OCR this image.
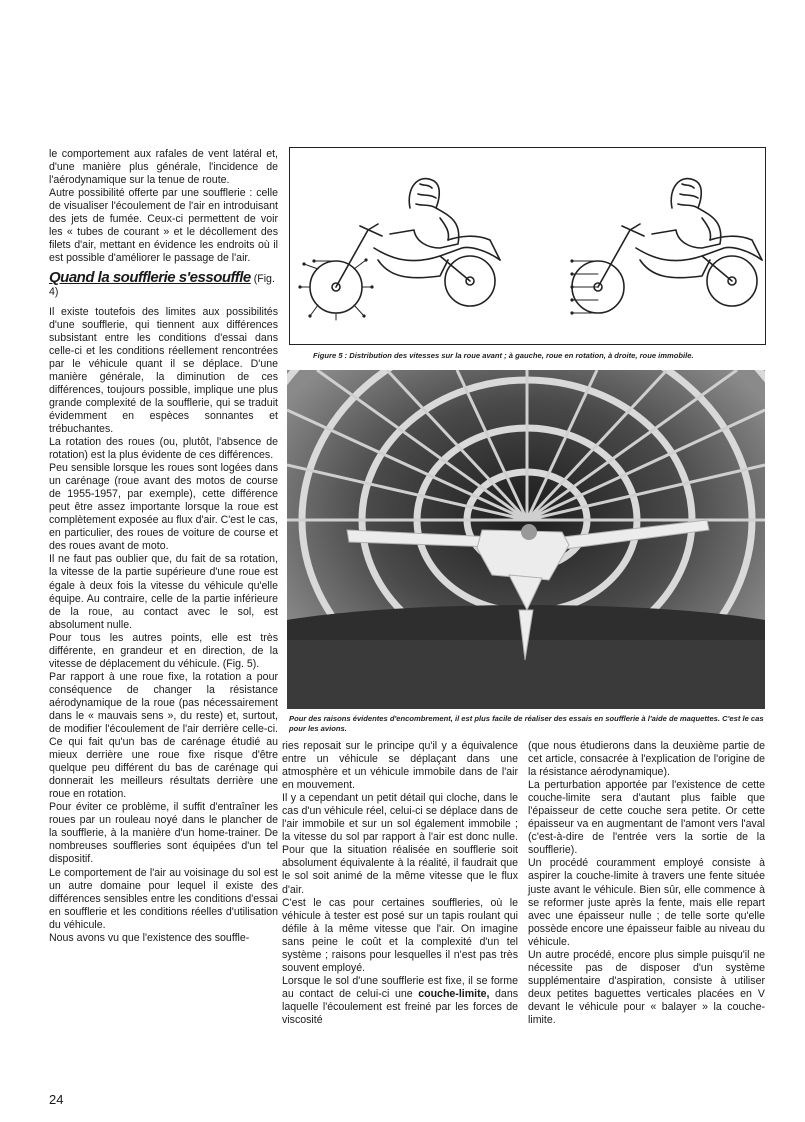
le comportement aux rafales de vent latéral et, d'une manière plus générale, l'incidence de l'aérodynamique sur la tenue de route.

Autre possibilité offerte par une soufflerie : celle de visualiser l'écoulement de l'air en introduisant des jets de fumée. Ceux-ci permettent de voir les « tubes de courant » et le décollement des filets d'air, mettant en évidence les endroits où il est possible d'améliorer le passage de l'air.

Quand la soufflerie s'essouffle (Fig. 4)

Il existe toutefois des limites aux possibilités d'une soufflerie, qui tiennent aux différences subsistant entre les conditions d'essai dans celle-ci et les conditions réellement rencontrées par le véhicule quant il se déplace. D'une manière générale, la diminution de ces différences, toujours possible, implique une plus grande complexité de la soufflerie, qui se traduit évidemment en espèces sonnantes et trébuchantes.

La rotation des roues (ou, plutôt, l'absence de rotation) est la plus évidente de ces différences.

Peu sensible lorsque les roues sont logées dans un carénage (roue avant des motos de course de 1955-1957, par exemple), cette différence peut être assez importante lorsque la roue est complètement exposée au flux d'air. C'est le cas, en particulier, des roues de voiture de course et des roues avant de moto.

Il ne faut pas oublier que, du fait de sa rotation, la vitesse de la partie supérieure d'une roue est égale à deux fois la vitesse du véhicule qu'elle équipe. Au contraire, celle de la partie inférieure de la roue, au contact avec le sol, est absolument nulle.

Pour tous les autres points, elle est très différente, en grandeur et en direction, de la vitesse de déplacement du véhicule. (Fig. 5).

Par rapport à une roue fixe, la rotation a pour conséquence de changer la résistance aérodynamique de la roue (pas nécessairement dans le « mauvais sens », du reste) et, surtout, de modifier l'écoulement de l'air derrière celle-ci. Ce qui fait qu'un bas de carénage étudié au mieux derrière une roue fixe risque d'être quelque peu différent du bas de carénage qui donnerait les meilleurs résultats derrière une roue en rotation.

Pour éviter ce problème, il suffit d'entraîner les roues par un rouleau noyé dans le plancher de la soufflerie, à la manière d'un home-trainer. De nombreuses souffleries sont équipées d'un tel dispositif.

Le comportement de l'air au voisinage du sol est un autre domaine pour lequel il existe des différences sensibles entre les conditions d'essai en soufflerie et les conditions réelles d'utilisation du véhicule.

Nous avons vu que l'existence des souffle-

Figure 5 : Distribution des vitesses sur la roue avant ; à gauche, roue en rotation, à droite, roue immobile.
Pour des raisons évidentes d'encombrement, il est plus facile de réaliser des essais en soufflerie à l'aide de maquettes. C'est le cas pour les avions.

ries reposait sur le principe qu'il y a équivalence entre un véhicule se déplaçant dans une atmosphère et un véhicule immobile dans de l'air en mouvement.

Il y a cependant un petit détail qui cloche, dans le cas d'un véhicule réel, celui-ci se déplace dans de l'air immobile et sur un sol également immobile ; la vitesse du sol par rapport à l'air est donc nulle. Pour que la situation réalisée en soufflerie soit absolument équivalente à la réalité, il faudrait que le sol soit animé de la même vitesse que le flux d'air.

C'est le cas pour certaines souffleries, où le véhicule à tester est posé sur un tapis roulant qui défile à la même vitesse que l'air. On imagine sans peine le coût et la complexité d'un tel système ; raisons pour lesquelles il n'est pas très souvent employé.

Lorsque le sol d'une soufflerie est fixe, il se forme au contact de celui-ci une couche-limite, dans laquelle l'écoulement est freiné par les forces de viscosité

(que nous étudierons dans la deuxième partie de cet article, consacrée à l'explication de l'origine de la résistance aérodynamique).

La perturbation apportée par l'existence de cette couche-limite sera d'autant plus faible que l'épaisseur de cette couche sera petite. Or cette épaisseur va en augmentant de l'amont vers l'aval (c'est-à-dire de l'entrée vers la sortie de la soufflerie).

Un procédé couramment employé consiste à aspirer la couche-limite à travers une fente située juste avant le véhicule. Bien sûr, elle commence à se reformer juste après la fente, mais elle repart avec une épaisseur nulle ; de telle sorte qu'elle possède encore une épaisseur faible au niveau du véhicule.

Un autre procédé, encore plus simple puisqu'il ne nécessite pas de disposer d'un système supplémentaire d'aspiration, consiste à utiliser deux petites baguettes verticales placées en V devant le véhicule pour « balayer » la couche-limite.

24
